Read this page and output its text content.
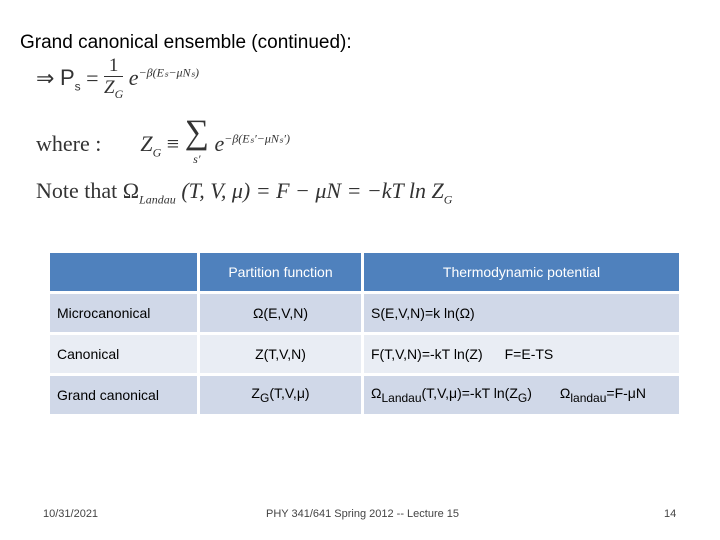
Grand canonical ensemble (continued):
⇒ $P_s = \frac{1}{Z_G} e^{-\beta(E_s-\mu N_s)}$
where : $Z_G$ ≡ ∑
s′
$e^{-\beta(E_s'-\mu N_s')}$
Note that $\Omega_{Landau}$ (T, V, μ) = F − μN = −kT $\ln Z_G$
	Partition function	Thermodynamic potential
Microcanonical	Ω(E,V,N)	S(E,V,N)=k ln(Ω)
Canonical	Z(T,V,N)	F(T,V,N)=-kT ln(Z) F=E-TS
Grand canonical	$Z_G(T,V,\mu)$	$\Omega_{Landau}(T,V,\mu)=-kT$ $\ln(Z_G)$ $\Omega_{landau}=F-\mu N$
10/31/2021	PHY 341/641 Spring 2012 -- Lecture 15	14
